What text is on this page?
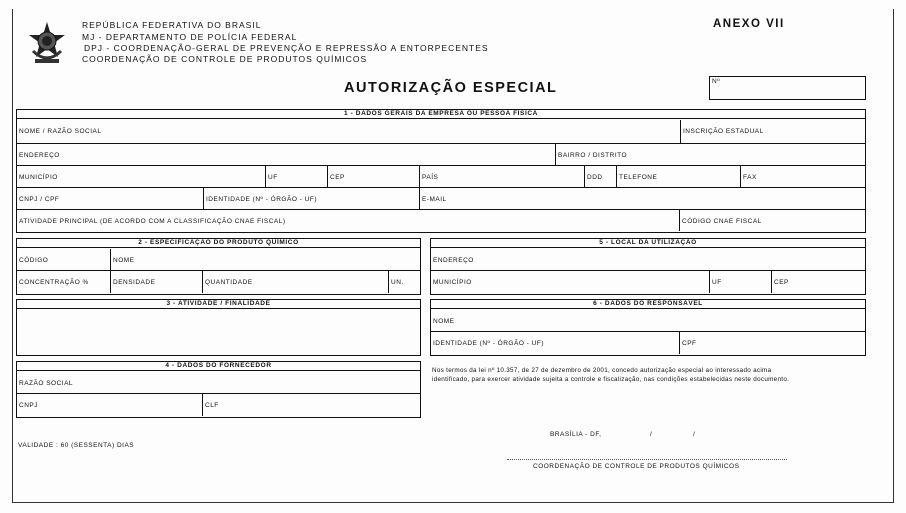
REPÚBLICA FEDERATIVA DO BRASIL
MJ - DEPARTAMENTO DE POLÍCIA FEDERAL
DPJ - COORDENAÇÃO-GERAL DE PREVENÇÃO E REPRESSÃO A ENTORPECENTES
COORDENAÇÃO DE CONTROLE DE PRODUTOS QUÍMICOS
ANEXO VII
AUTORIZAÇÃO ESPECIAL	Nº
1 - DADOS GERAIS DA EMPRESA OU PESSOA FÍSICA
NOME / RAZÃO SOCIAL	INSCRIÇÃO ESTADUAL
ENDEREÇO	BAIRRO / DISTRITO
MUNICÍPIO	UF	CEP	PAÍS	DDD	TELEFONE	FAX
CNPJ / CPF	IDENTIDADE (Nº - ÓRGÃO - UF)	E-MAIL
ATIVIDADE PRINCIPAL (DE ACORDO COM A CLASSIFICAÇÃO CNAE FISCAL)	CÓDIGO CNAE FISCAL
2 - ESPECIFICAÇÃO DO PRODUTO QUÍMICO
CÓDIGO	NOME
CONCENTRAÇÃO %	DENSIDADE	QUANTIDADE	UN.
3 - ATIVIDADE / FINALIDADE
4 - DADOS DO FORNECEDOR
RAZÃO SOCIAL
CNPJ	CLF
5 - LOCAL DA UTILIZAÇÃO
ENDEREÇO
MUNICÍPIO	UF	CEP
6 - DADOS DO RESPONSÁVEL
NOME
IDENTIDADE (Nº - ÓRGÃO - UF)	CPF
Nos termos da lei nº 10.357, de 27 de dezembro de 2001, concedo autorização especial ao interessado acima
identificado, para exercer atividade sujeita a controle e fiscalização, nas condições estabelecidas neste documento.
BRASÍLIA - DF,	/	/
COORDENAÇÃO DE CONTROLE DE PRODUTOS QUÍMICOS
VALIDADE : 60 (SESSENTA) DIAS
